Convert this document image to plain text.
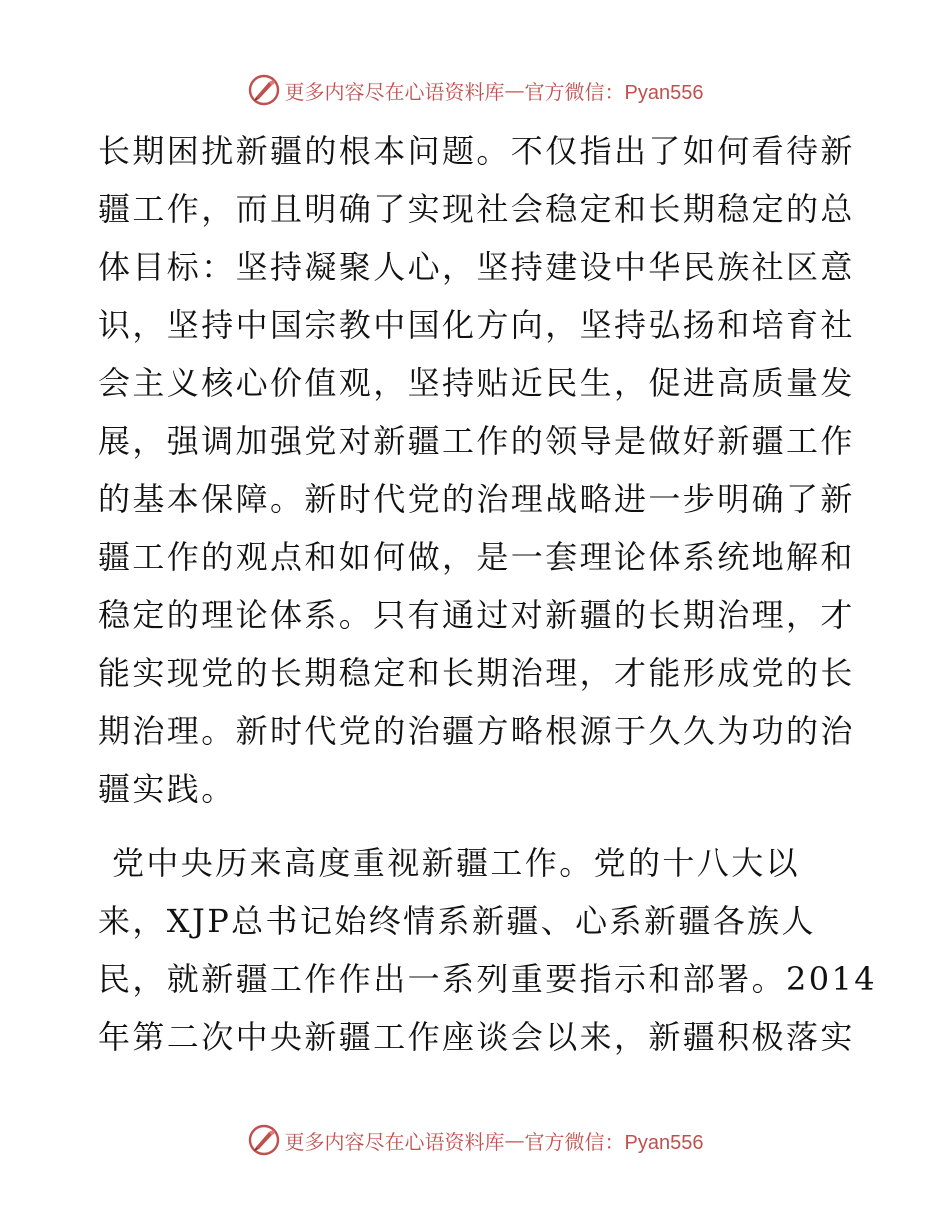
更多内容尽在心语资料库 — 官方微信：Pyan556
长期困扰新疆的根本问题。不仅指出了如何看待新
疆工作，而且明确了实现社会稳定和长期稳定的总
体目标：坚持凝聚人心，坚持建设中华民族社区意
识，坚持中国宗教中国化方向，坚持弘扬和培育社
会主义核心价值观，坚持贴近民生，促进高质量发
展，强调加强党对新疆工作的领导是做好新疆工作
的基本保障。新时代党的治理战略进一步明确了新
疆工作的观点和如何做，是一套理论体系统地解和
稳定的理论体系。只有通过对新疆的长期治理，才
能实现党的长期稳定和长期治理，才能形成党的长
期治理。新时代党的治疆方略根源于久久为功的治
疆实践。
党中央历来高度重视新疆工作。党的十八大以
来，XJP总书记始终情系新疆、心系新疆各族人
民，就新疆工作作出一系列重要指示和部署。2014
年第二次中央新疆工作座谈会以来，新疆积极落实
更多内容尽在心语资料库 — 官方微信：Pyan556
